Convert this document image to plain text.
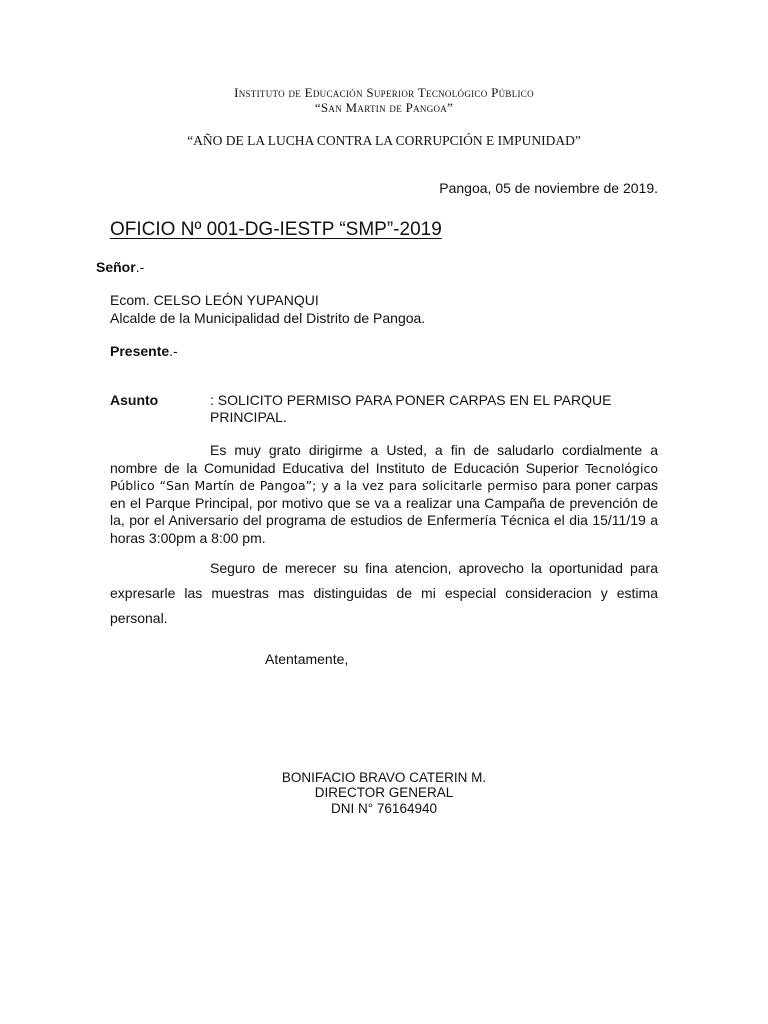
Instituto de Educación Superior Tecnológico Público
“San Martin de Pangoa”
“AÑO DE LA LUCHA CONTRA LA CORRUPCIÓN E IMPUNIDAD”
Pangoa, 05 de noviembre de 2019.
OFICIO Nº 001-DG-IESTP “SMP”-2019
Señor.-
Ecom. CELSO LEÓN YUPANQUI
Alcalde de la Municipalidad del Distrito de Pangoa.
Presente.-
Asunto	: SOLICITO PERMISO PARA PONER CARPAS EN EL PARQUE PRINCIPAL.
Es muy grato dirigirme a Usted, a fin de saludarlo cordialmente a nombre de la Comunidad Educativa del Instituto de Educación Superior Tecnológico Público “San Martín de Pangoa”; y a la vez para solicitarle permiso para poner carpas en el Parque Principal, por motivo que se va a realizar una Campaña de prevención de la, por el Aniversario del programa de estudios de Enfermería Técnica el dia 15/11/19 a horas 3:00pm a 8:00 pm.
Seguro de merecer su fina atencion, aprovecho la oportunidad para expresarle las muestras mas distinguidas de mi especial consideracion y estima personal.
Atentamente,
BONIFACIO BRAVO CATERIN M.
DIRECTOR GENERAL
DNI N° 76164940
